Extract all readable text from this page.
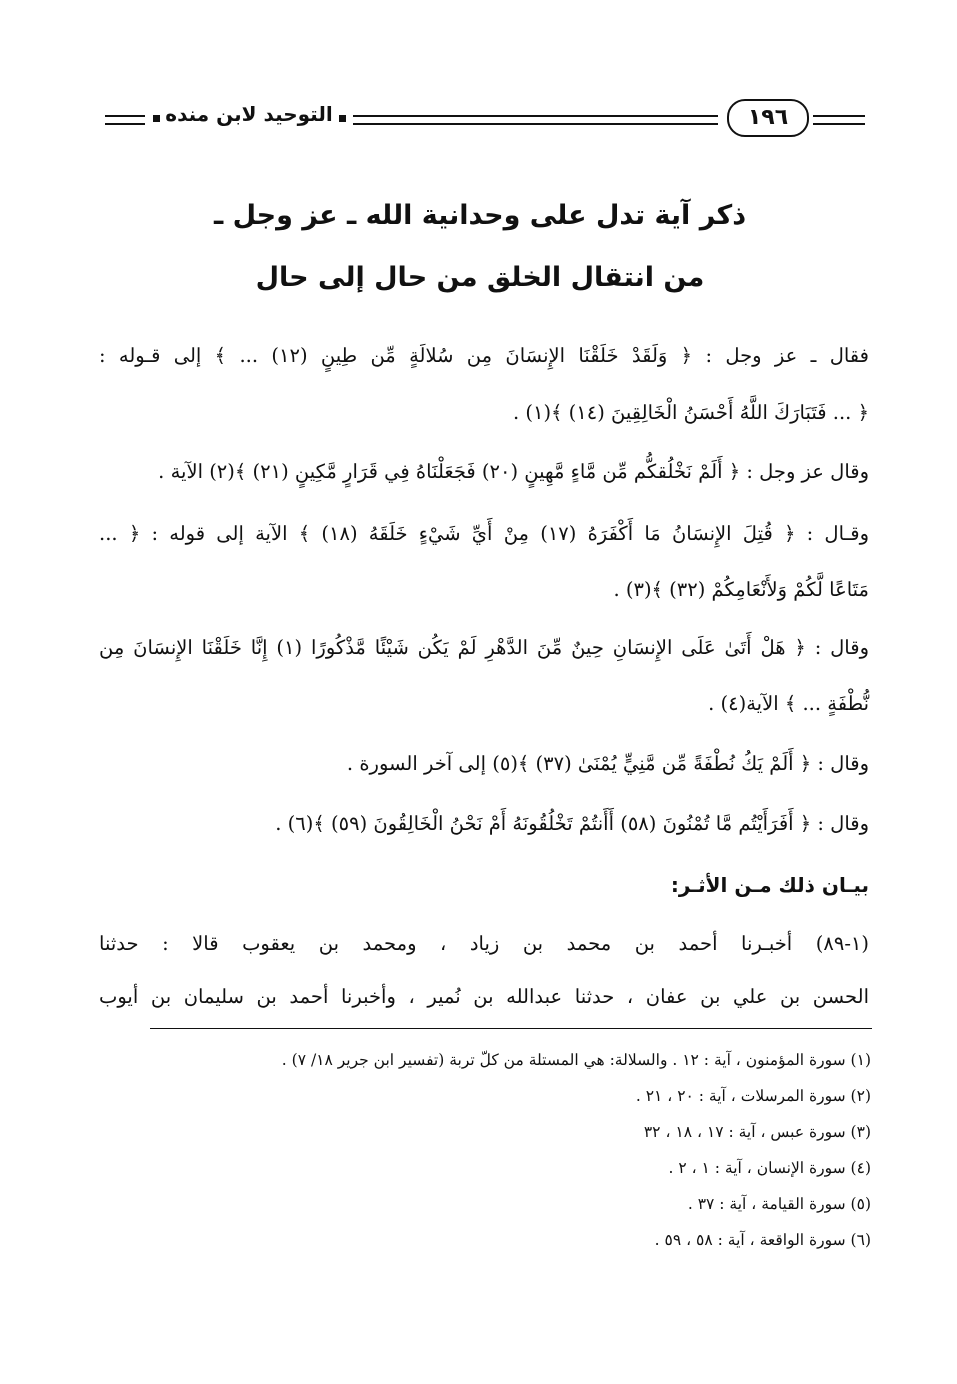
التوحيد لابن منده	١٩٦
ذكر آية تدل على وحدانية الله ـ عز وجل ـ
من انتقال الخلق من حال إلى حال
فقال ـ عز وجل : ﴿ وَلَقَدْ خَلَقْنَا الإِنسَانَ مِن سُلالَةٍ مِّن طِينٍ (١٢) ... ﴾ إلى قـوله :
﴿ ... فَتَبَارَكَ اللَّهُ أَحْسَنُ الْخَالِقِينَ (١٤) ﴾(١) .
وقال عز وجل : ﴿ أَلَمْ نَخْلُقكُّم مِّن مَّاءٍ مَّهِينٍ (٢٠) فَجَعَلْنَاهُ فِي قَرَارٍ مَّكِينٍ (٢١) ﴾(٢) الآية .
وقـال : ﴿ قُتِلَ الإِنسَانُ مَا أَكْفَرَهُ (١٧) مِنْ أَيِّ شَيْءٍ خَلَقَهُ (١٨) ﴾ الآية إلى قوله : ﴿ ...
مَتَاعًا لَّكُمْ وَلأَنْعَامِكُمْ (٣٢) ﴾(٣) .
وقال : ﴿ هَلْ أَتَىٰ عَلَى الإِنسَانِ حِينٌ مِّنَ الدَّهْرِ لَمْ يَكُن شَيْئًا مَّذْكُورًا (١) إِنَّا خَلَقْنَا الإِنسَانَ مِن
نُّطْفَةٍ ... ﴾ الآية(٤) .
وقال : ﴿ أَلَمْ يَكُ نُطْفَةً مِّن مَّنِيٍّ يُمْنَىٰ (٣٧) ﴾(٥) إلى آخر السورة .
وقال : ﴿ أَفَرَأَيْتُم مَّا تُمْنُونَ (٥٨) أَأَنتُمْ تَخْلُقُونَهُ أَمْ نَحْنُ الْخَالِقُونَ (٥٩) ﴾(٦) .
بيـان ذلك مـن الأثـر:
(١-٨٩) أخبـرنا أحمد بن محمد بن زياد ، ومحمد بن يعقوب قالا : حدثنا
الحسن بن علي بن عفان ، حدثنا عبدالله بن نُمير ، وأخبرنا أحمد بن سليمان بن أيوب
(١) سورة المؤمنون ، آية : ١٢ . والسلالة: هي المستلة من كلّ تربة (تفسير ابن جرير ١٨/ ٧) .
(٢) سورة المرسلات ، آية : ٢٠ ، ٢١ .
(٣) سورة عبس ، آية : ١٧ ، ١٨ ، ٣٢
(٤) سورة الإنسان ، آية : ١ ، ٢ .
(٥) سورة القيامة ، آية : ٣٧ .
(٦) سورة الواقعة ، آية : ٥٨ ، ٥٩ .
